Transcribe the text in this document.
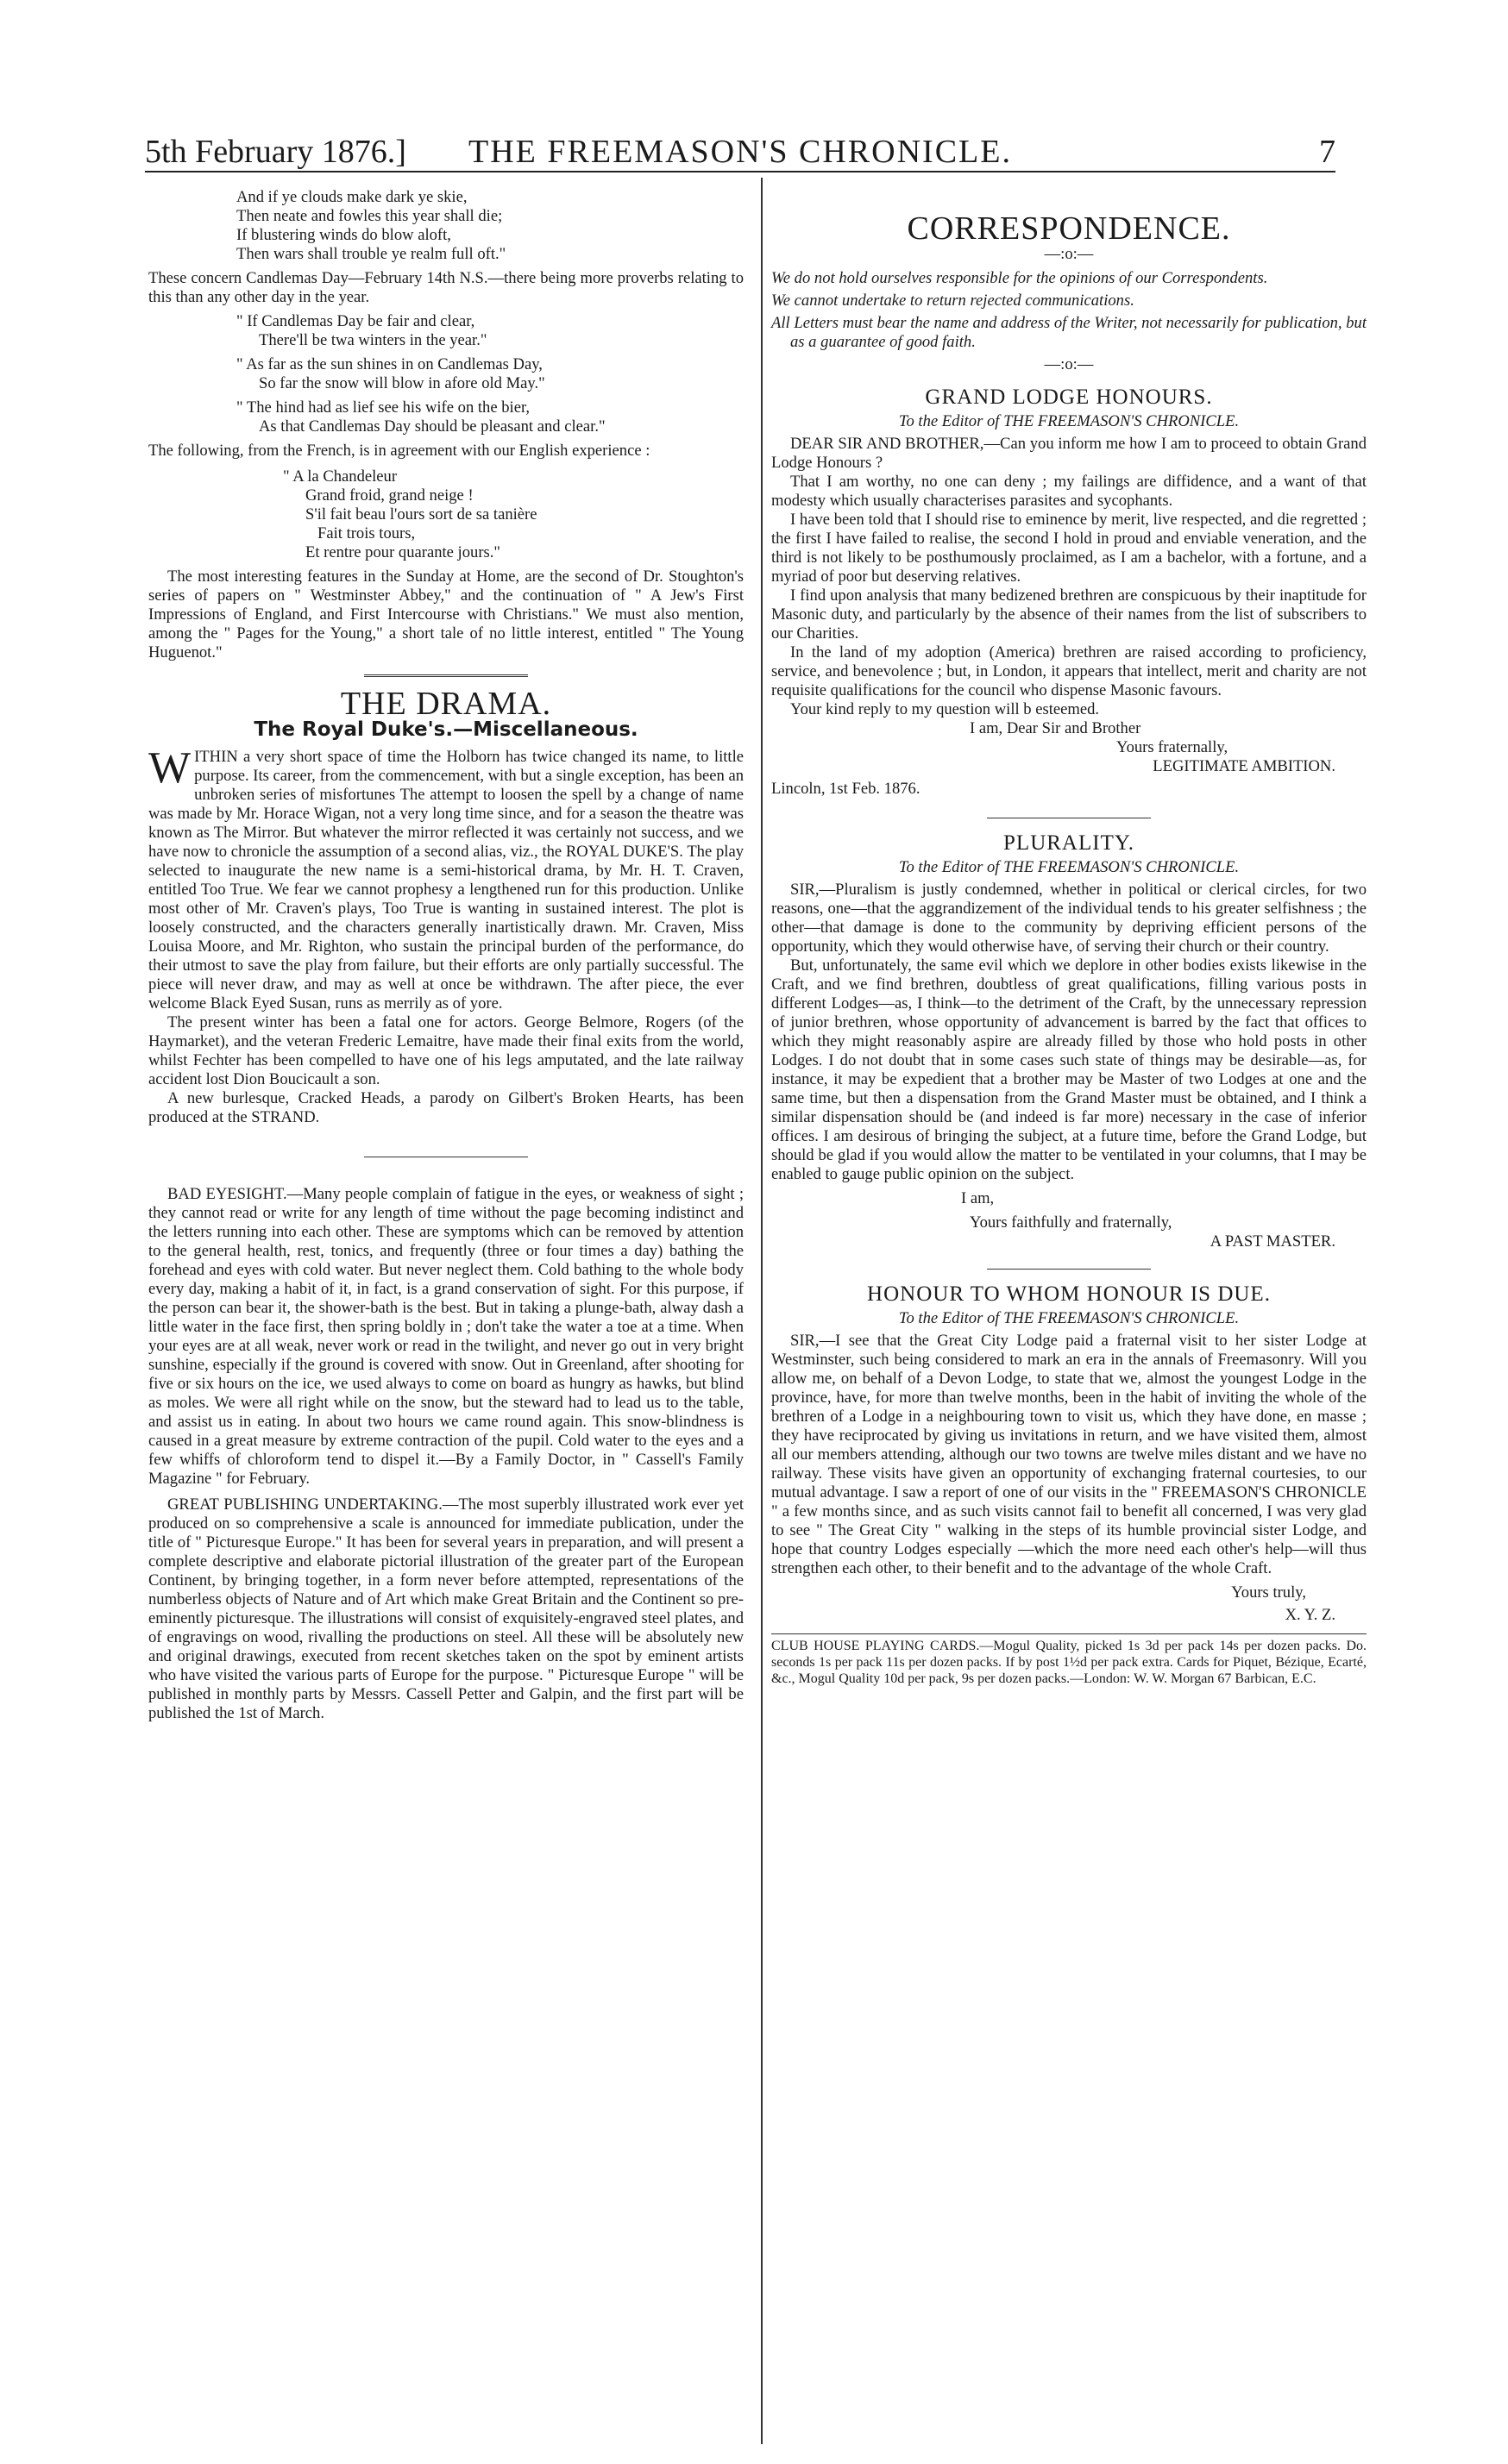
5th February 1876.]	THE FREEMASON'S CHRONICLE.	7
And if ye clouds make dark ye skie,
Then neate and fowles this year shall die;
If blustering winds do blow aloft,
Then wars shall trouble ye realm full oft."

These concern Candlemas Day—February 14th N.S.—there being more proverbs relating to this than any other day in the year.

" If Candlemas Day be fair and clear,
There'll be twa winters in the year."
" As far as the sun shines in on Candlemas Day,
So far the snow will blow in afore old May."
" The hind had as lief see his wife on the bier,
As that Candlemas Day should be pleasant and clear."

The following, from the French, is in agreement with our English experience :

" A la Chandeleur
Grand froid, grand neige !
S'il fait beau l'ours sort de sa tanière
Fait trois tours,
Et rentre pour quarante jours."

The most interesting features in the Sunday at Home, are the second of Dr. Stoughton's series of papers on " Westminster Abbey," and the continuation of " A Jew's First Impressions of England, and First Intercourse with Christians." We must also mention, among the " Pages for the Young," a short tale of no little interest, entitled " The Young Huguenot."

THE DRAMA.
The Royal Duke's.—Miscellaneous.

WITHIN a very short space of time the Holborn has twice changed its name, to little purpose. Its career, from the commencement, with but a single exception, has been an unbroken series of misfortunes The attempt to loosen the spell by a change of name was made by Mr. Horace Wigan, not a very long time since, and for a season the theatre was known as The Mirror. But whatever the mirror reflected it was certainly not success, and we have now to chronicle the assumption of a second alias, viz., the ROYAL DUKE'S. The play selected to inaugurate the new name is a semi-historical drama, by Mr. H. T. Craven, entitled Too True. We fear we cannot prophesy a lengthened run for this production. Unlike most other of Mr. Craven's plays, Too True is wanting in sustained interest. The plot is loosely constructed, and the characters generally inartistically drawn. Mr. Craven, Miss Louisa Moore, and Mr. Righton, who sustain the principal burden of the performance, do their utmost to save the play from failure, but their efforts are only partially successful. The piece will never draw, and may as well at once be withdrawn. The after piece, the ever welcome Black Eyed Susan, runs as merrily as of yore.

The present winter has been a fatal one for actors. George Belmore, Rogers (of the Haymarket), and the veteran Frederic Lemaitre, have made their final exits from the world, whilst Fechter has been compelled to have one of his legs amputated, and the late railway accident lost Dion Boucicault a son.

A new burlesque, Cracked Heads, a parody on Gilbert's Broken Hearts, has been produced at the STRAND.

BAD EYESIGHT.—Many people complain of fatigue in the eyes, or weakness of sight ; they cannot read or write for any length of time without the page becoming indistinct and the letters running into each other. These are symptoms which can be removed by attention to the general health, rest, tonics, and frequently (three or four times a day) bathing the forehead and eyes with cold water. But never neglect them. Cold bathing to the whole body every day, making a habit of it, in fact, is a grand conservation of sight. For this purpose, if the person can bear it, the shower-bath is the best. But in taking a plunge-bath, alway dash a little water in the face first, then spring boldly in ; don't take the water a toe at a time. When your eyes are at all weak, never work or read in the twilight, and never go out in very bright sunshine, especially if the ground is covered with snow. Out in Greenland, after shooting for five or six hours on the ice, we used always to come on board as hungry as hawks, but blind as moles. We were all right while on the snow, but the steward had to lead us to the table, and assist us in eating. In about two hours we came round again. This snow-blindness is caused in a great measure by extreme contraction of the pupil. Cold water to the eyes and a few whiffs of chloroform tend to dispel it.—By a Family Doctor, in " Cassell's Family Magazine " for February.

GREAT PUBLISHING UNDERTAKING.—The most superbly illustrated work ever yet produced on so comprehensive a scale is announced for immediate publication, under the title of " Picturesque Europe." It has been for several years in preparation, and will present a complete descriptive and elaborate pictorial illustration of the greater part of the European Continent, by bringing together, in a form never before attempted, representations of the numberless objects of Nature and of Art which make Great Britain and the Continent so pre-eminently picturesque. The illustrations will consist of exquisitely-engraved steel plates, and of engravings on wood, rivalling the productions on steel. All these will be absolutely new and original drawings, executed from recent sketches taken on the spot by eminent artists who have visited the various parts of Europe for the purpose. " Picturesque Europe " will be published in monthly parts by Messrs. Cassell Petter and Galpin, and the first part will be published the 1st of March.

CORRESPONDENCE.
—:o:—

We do not hold ourselves responsible for the opinions of our Correspondents.

We cannot undertake to return rejected communications.

All Letters must bear the name and address of the Writer, not necessarily for publication, but as a guarantee of good faith.

—:o:—
GRAND LODGE HONOURS.
To the Editor of THE FREEMASON'S CHRONICLE.

DEAR SIR AND BROTHER,—Can you inform me how I am to proceed to obtain Grand Lodge Honours ?

That I am worthy, no one can deny ; my failings are diffidence, and a want of that modesty which usually characterises parasites and sycophants.

I have been told that I should rise to eminence by merit, live respected, and die regretted ; the first I have failed to realise, the second I hold in proud and enviable veneration, and the third is not likely to be posthumously proclaimed, as I am a bachelor, with a fortune, and a myriad of poor but deserving relatives.

I find upon analysis that many bedizened brethren are conspicuous by their inaptitude for Masonic duty, and particularly by the absence of their names from the list of subscribers to our Charities.

In the land of my adoption (America) brethren are raised according to proficiency, service, and benevolence ; but, in London, it appears that intellect, merit and charity are not requisite qualifications for the council who dispense Masonic favours.

Your kind reply to my question will b esteemed.

I am, Dear Sir and Brother

Yours fraternally,

LEGITIMATE AMBITION.

Lincoln, 1st Feb. 1876.

PLURALITY.
To the Editor of THE FREEMASON'S CHRONICLE.

SIR,—Pluralism is justly condemned, whether in political or clerical circles, for two reasons, one—that the aggrandizement of the individual tends to his greater selfishness ; the other—that damage is done to the community by depriving efficient persons of the opportunity, which they would otherwise have, of serving their church or their country.

But, unfortunately, the same evil which we deplore in other bodies exists likewise in the Craft, and we find brethren, doubtless of great qualifications, filling various posts in different Lodges—as, I think—to the detriment of the Craft, by the unnecessary repression of junior brethren, whose opportunity of advancement is barred by the fact that offices to which they might reasonably aspire are already filled by those who hold posts in other Lodges. I do not doubt that in some cases such state of things may be desirable—as, for instance, it may be expedient that a brother may be Master of two Lodges at one and the same time, but then a dispensation from the Grand Master must be obtained, and I think a similar dispensation should be (and indeed is far more) necessary in the case of inferior offices. I am desirous of bringing the subject, at a future time, before the Grand Lodge, but should be glad if you would allow the matter to be ventilated in your columns, that I may be enabled to gauge public opinion on the subject.

I am,

Yours faithfully and fraternally,

A PAST MASTER.

HONOUR TO WHOM HONOUR IS DUE.
To the Editor of THE FREEMASON'S CHRONICLE.

SIR,—I see that the Great City Lodge paid a fraternal visit to her sister Lodge at Westminster, such being considered to mark an era in the annals of Freemasonry. Will you allow me, on behalf of a Devon Lodge, to state that we, almost the youngest Lodge in the province, have, for more than twelve months, been in the habit of inviting the whole of the brethren of a Lodge in a neighbouring town to visit us, which they have done, en masse ; they have reciprocated by giving us invitations in return, and we have visited them, almost all our members attending, although our two towns are twelve miles distant and we have no railway. These visits have given an opportunity of exchanging fraternal courtesies, to our mutual advantage. I saw a report of one of our visits in the " FREEMASON'S CHRONICLE " a few months since, and as such visits cannot fail to benefit all concerned, I was very glad to see " The Great City " walking in the steps of its humble provincial sister Lodge, and hope that country Lodges especially —which the more need each other's help—will thus strengthen each other, to their benefit and to the advantage of the whole Craft.

Yours truly,

X. Y. Z.

CLUB HOUSE PLAYING CARDS.—Mogul Quality, picked 1s 3d per pack 14s per dozen packs. Do. seconds 1s per pack 11s per dozen packs. If by post 1½d per pack extra. Cards for Piquet, Bézique, Ecarté, &c., Mogul Quality 10d per pack, 9s per dozen packs.—London: W. W. Morgan 67 Barbican, E.C.
